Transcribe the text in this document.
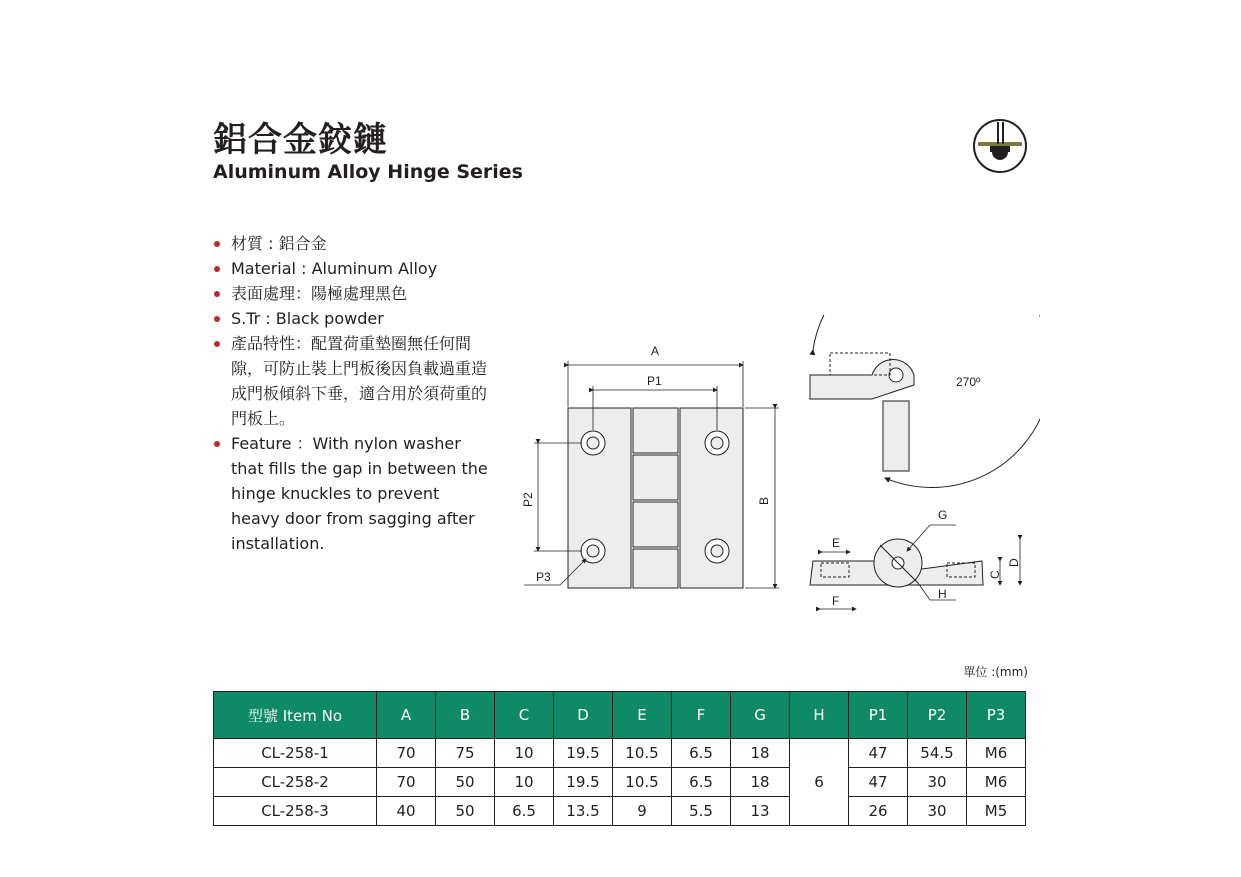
鋁合金鉸鏈
Aluminum Alloy Hinge Series
材質 : 鋁合金
Material : Aluminum Alloy
表面處理：陽極處理黑色
S.Tr : Black powder
產品特性：配置荷重墊圈無任何間隙，可防止裝上門板後因負載過重造成門板傾斜下垂，適合用於須荷重的門板上。
Feature ：With nylon washer that fills the gap in between the hinge knuckles to prevent heavy door from sagging after installation.
A
P1
P2	B
P3
270º
E
F
G
H
C
D
單位 :(mm)
型號 Item No	A	B	C	D	E	F	G	H	P1	P2	P3
CL-258-1	70	75	10	19.5	10.5	6.5	18	6	47	54.5	M6
CL-258-2	70	50	10	19.5	10.5	6.5	18		47	30	M6
CL-258-3	40	50	6.5	13.5	9	5.5	13		26	30	M5
